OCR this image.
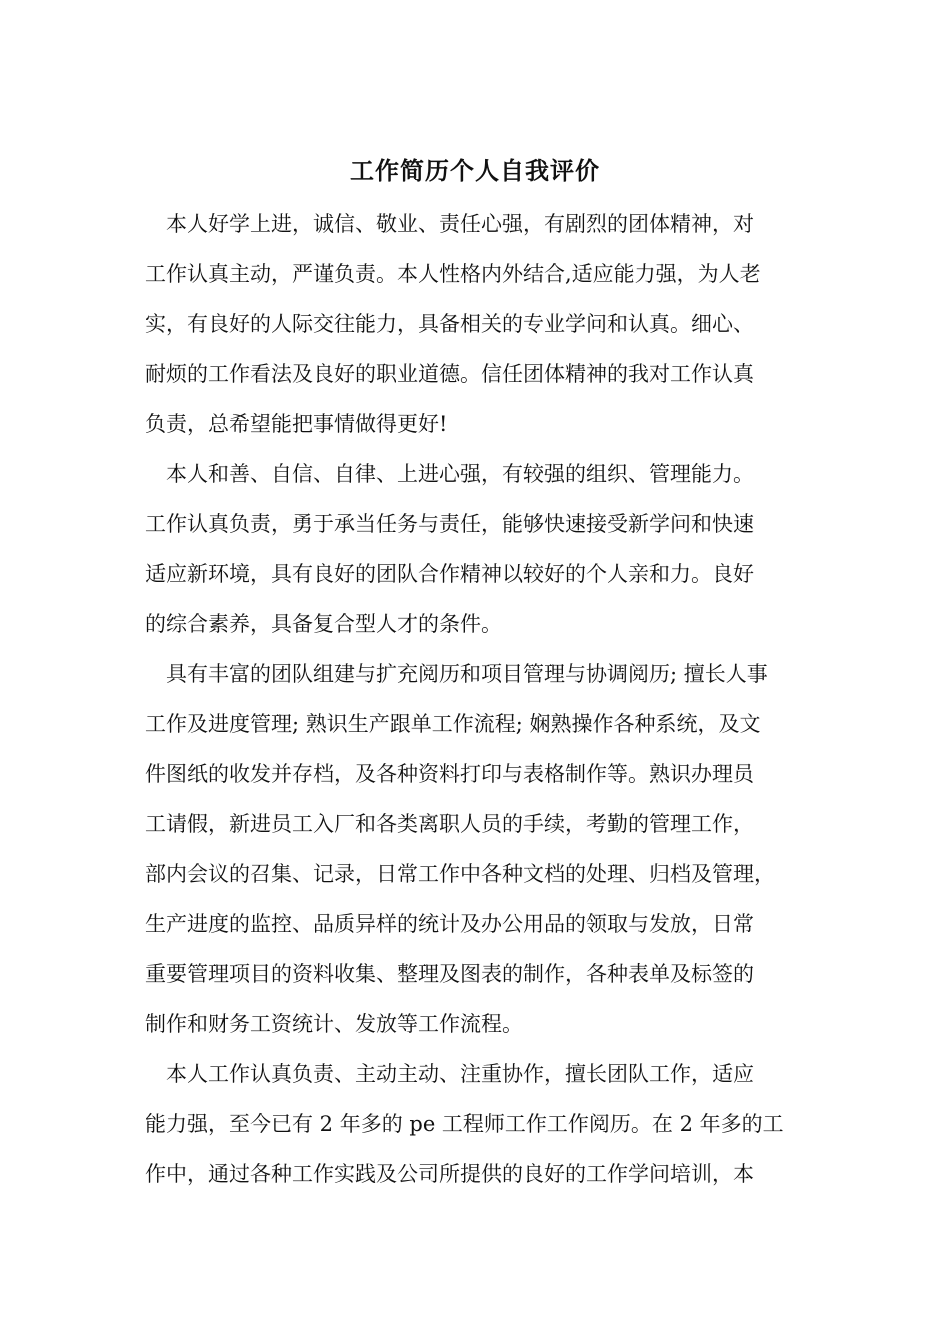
工作简历个人自我评价
本人好学上进，诚信、敬业、责任心强，有剧烈的团体精神，对
工作认真主动，严谨负责。本人性格内外结合,适应能力强，为人老
实，有良好的人际交往能力，具备相关的专业学问和认真。细心、
耐烦的工作看法及良好的职业道德。信任团体精神的我对工作认真
负责，总希望能把事情做得更好!
本人和善、自信、自律、上进心强，有较强的组织、管理能力。
工作认真负责，勇于承当任务与责任，能够快速接受新学问和快速
适应新环境，具有良好的团队合作精神以较好的个人亲和力。良好
的综合素养，具备复合型人才的条件。
具有丰富的团队组建与扩充阅历和项目管理与协调阅历; 擅长人事
工作及进度管理; 熟识生产跟单工作流程; 娴熟操作各种系统，及文
件图纸的收发并存档，及各种资料打印与表格制作等。熟识办理员
工请假，新进员工入厂和各类离职人员的手续，考勤的管理工作，
部内会议的召集、记录，日常工作中各种文档的处理、归档及管理，
生产进度的监控、品质异样的统计及办公用品的领取与发放，日常
重要管理项目的资料收集、整理及图表的制作，各种表单及标签的
制作和财务工资统计、发放等工作流程。
本人工作认真负责、主动主动、注重协作，擅长团队工作，适应
能力强，至今已有 2 年多的 pe 工程师工作工作阅历。在 2 年多的工
作中，通过各种工作实践及公司所提供的良好的工作学问培训，本
